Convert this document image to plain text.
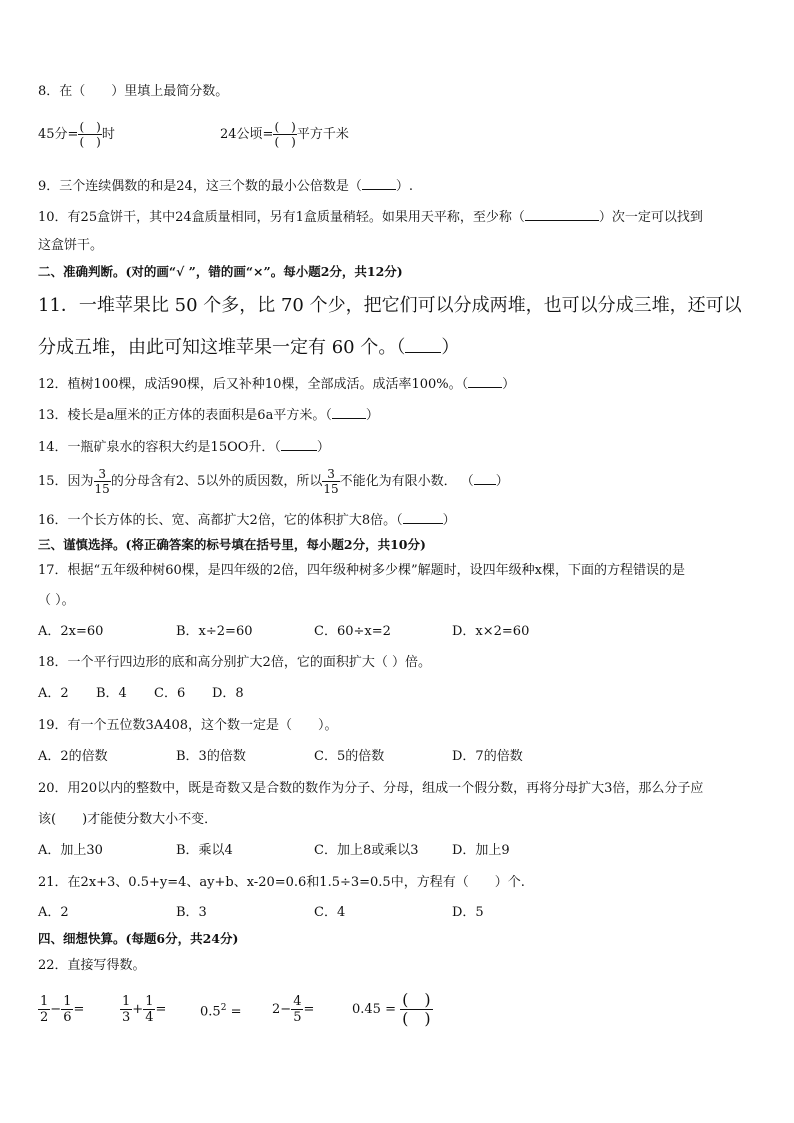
8．在（　　）里填上最简分数。
45分= $\frac{( )}{( )}$ 时	24公顷= $\frac{( )}{( )}$ 平方千米
9．三个连续偶数的和是24，这三个数的最小公倍数是（	）.
10．有25盒饼干，其中24盒质量相同，另有1盒质量稍轻。如果用天平称，至少称（	）次一定可以找到
这盒饼干。
二、准确判断。(对的画“√ ”，错的画“×”。每小题2分，共12分)
11．一堆苹果比 50 个多，比 70 个少，把它们可以分成两堆，也可以分成三堆，还可以
分成五堆，由此可知这堆苹果一定有 60 个。（ ）
12．植树100棵，成活90棵，后又补种10棵，全部成活。成活率100%。（	）
13．棱长是a厘米的正方体的表面积是6a平方米。（	）
14．一瓶矿泉水的容积大约是15OO升．（	）
15．因为 $\frac{3}{15}$ 的分母含有2、5以外的质因数，所以 $\frac{3}{15}$ 不能化为有限小数． （ ）
16．一个长方体的长、宽、高都扩大2倍，它的体积扩大8倍。（	）
三、谨慎选择。(将正确答案的标号填在括号里，每小题2分，共10分)
17．根据“五年级种树60棵，是四年级的2倍，四年级种树多少棵”解题时，设四年级种x棵，下面的方程错误的是
（ ）。
A．2x=60	B．x÷2=60	C．60÷x=2	D．x×2=60
18．一个平行四边形的底和高分别扩大2倍，它的面积扩大（ ）倍。
A．2 B．4 C．6 D．8
19．有一个五位数3A408，这个数一定是（　　）。
A．2的倍数	B．3的倍数	C．5的倍数	D．7的倍数
20．用20以内的整数中，既是奇数又是合数的数作为分子、分母，组成一个假分数，再将分母扩大3倍，那么分子应
该(　　)才能使分数大小不变．
A．加上30	B．乘以4	C．加上8或乘以3	D．加上9
21．在2x+3、0.5+y=4、ay+b、x-20=0.6和1.5÷3=0.5中，方程有（　　）个.
A．2	B．3	C．4	D．5
四、细想快算。(每题6分，共24分)
22．直接写得数。
$\frac{1}{2} - \frac{1}{6}$ =	$\frac{1}{3} + \frac{1}{4}$ =	$0.5^2 = 2- \frac{4}{5}$ =	$0.45 = \frac{( )}{( )}$
